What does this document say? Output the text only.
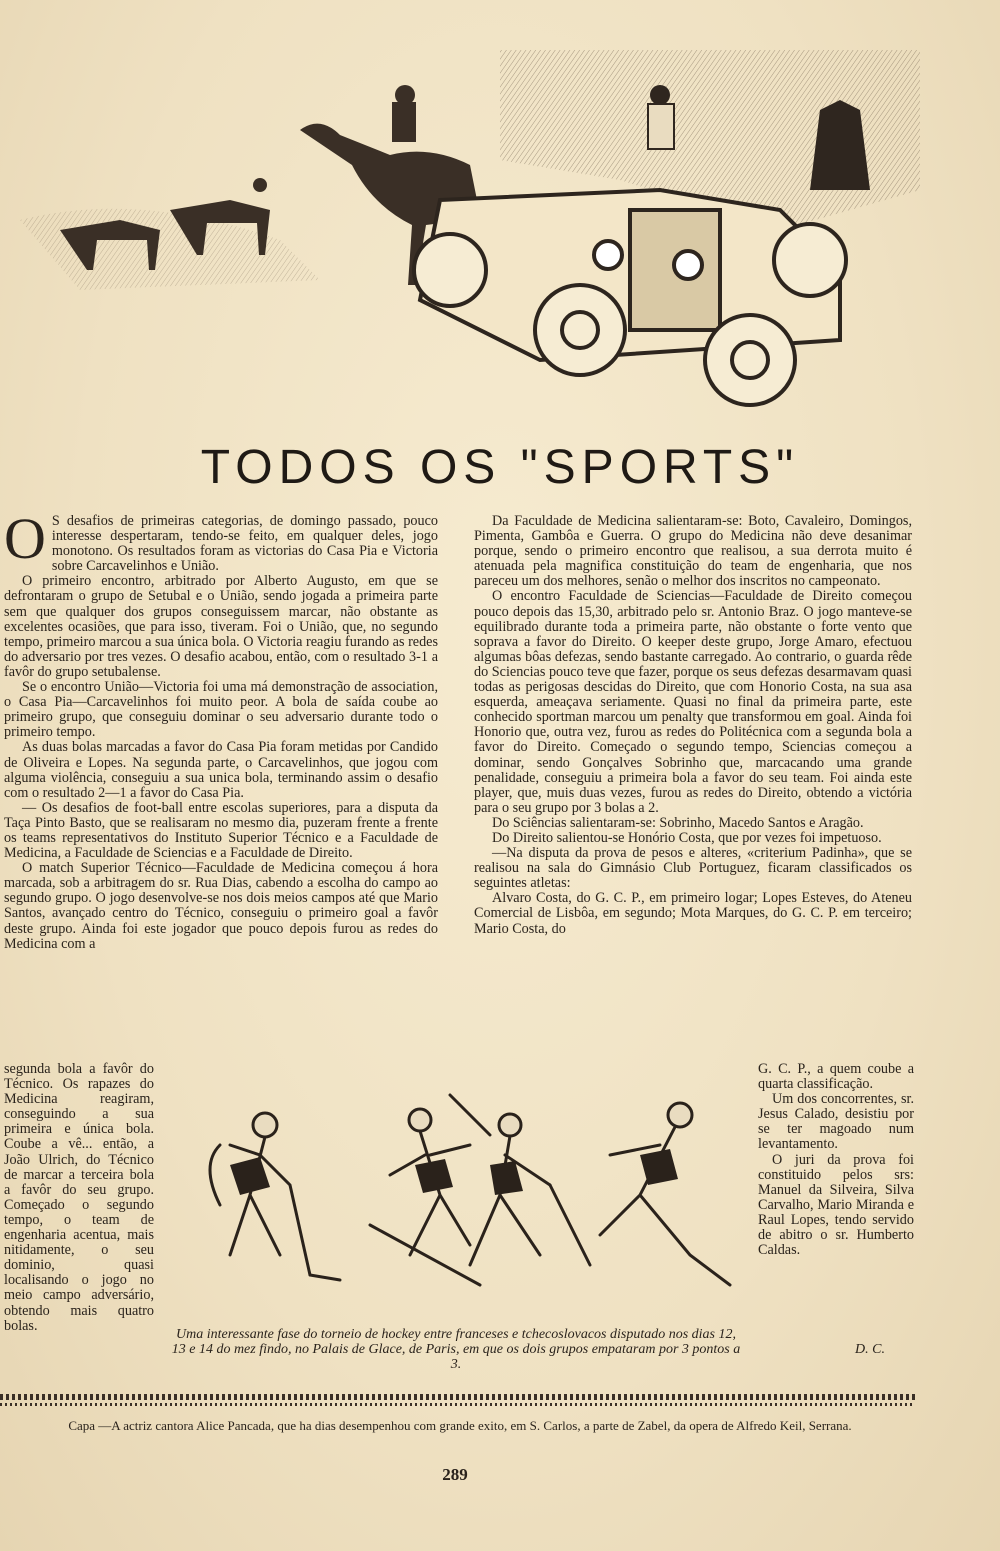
TODOS OS "SPORTS"

O S desafios de primeiras categorias, de domingo passado, pouco interesse despertaram, tendo-se feito, em qualquer deles, jogo monotono. Os resultados foram as victorias do Casa Pia e Victoria sobre Carcavelinhos e União.

O primeiro encontro, arbitrado por Alberto Augusto, em que se defrontaram o grupo de Setubal e o União, sendo jogada a primeira parte sem que qualquer dos grupos conseguissem marcar, não obstante as excelentes ocasiões, que para isso, tiveram. Foi o União, que, no segundo tempo, primeiro marcou a sua única bola. O Victoria reagiu furando as redes do adversario por tres vezes. O desafio acabou, então, com o resultado 3-1 a favôr do grupo setubalense.

Se o encontro União—Victoria foi uma má demonstração de association, o Casa Pia—Carcavelinhos foi muito peor. A bola de saída coube ao primeiro grupo, que conseguiu dominar o seu adversario durante todo o primeiro tempo.

As duas bolas marcadas a favor do Casa Pia foram metidas por Candido de Oliveira e Lopes. Na segunda parte, o Carcavelinhos, que jogou com alguma violência, conseguiu a sua unica bola, terminando assim o desafio com o resultado 2—1 a favor do Casa Pia.

— Os desafios de foot-ball entre escolas superiores, para a disputa da Taça Pinto Basto, que se realisaram no mesmo dia, puzeram frente a frente os teams representativos do Instituto Superior Técnico e a Faculdade de Medicina, a Faculdade de Sciencias e a Faculdade de Direito.

O match Superior Técnico—Faculdade de Medicina começou á hora marcada, sob a arbitragem do sr. Rua Dias, cabendo a escolha do campo ao segundo grupo. O jogo desenvolve-se nos dois meios campos até que Mario Santos, avançado centro do Técnico, conseguiu o primeiro goal a favôr deste grupo. Ainda foi este jogador que pouco depois furou as redes do Medicina com a

segunda bola a favôr do Técnico. Os rapazes do Medicina reagiram, conseguindo a sua primeira e única bola. Coube a vê... então, a João Ulrich, do Técnico de marcar a terceira bola a favôr do seu grupo. Começado o segundo tempo, o team de engenharia acentua, mais nitidamente, o seu dominio, quasi localisando o jogo no meio campo adversário, obtendo mais quatro bolas.

Da Faculdade de Medicina salientaram-se: Boto, Cavaleiro, Domingos, Pimenta, Gambôa e Guerra. O grupo do Medicina não deve desanimar porque, sendo o primeiro encontro que realisou, a sua derrota muito é atenuada pela magnifica constituição do team de engenharia, que nos pareceu um dos melhores, senão o melhor dos inscritos no campeonato.

O encontro Faculdade de Sciencias—Faculdade de Direito começou pouco depois das 15,30, arbitrado pelo sr. Antonio Braz. O jogo manteve-se equilibrado durante toda a primeira parte, não obstante o forte vento que soprava a favor do Direito. O keeper deste grupo, Jorge Amaro, efectuou algumas bôas defezas, sendo bastante carregado. Ao contrario, o guarda rêde do Sciencias pouco teve que fazer, porque os seus defezas desarmavam quasi todas as perigosas descidas do Direito, que com Honorio Costa, na sua asa esquerda, ameaçava seriamente. Quasi no final da primeira parte, este conhecido sportman marcou um penalty que transformou em goal. Ainda foi Honorio que, outra vez, furou as redes do Politécnica com a segunda bola a favor do Direito. Começado o segundo tempo, Sciencias começou a dominar, sendo Gonçalves Sobrinho que, marcacando uma grande penalidade, conseguiu a primeira bola a favor do seu team. Foi ainda este player, que, muis duas vezes, furou as redes do Direito, obtendo a victória para o seu grupo por 3 bolas a 2.

Do Sciências salientaram-se: Sobrinho, Macedo Santos e Aragão.

Do Direito salientou-se Honório Costa, que por vezes foi impetuoso.

—Na disputa da prova de pesos e alteres, «criterium Padinha», que se realisou na sala do Gimnásio Club Portuguez, ficaram classificados os seguintes atletas:

Alvaro Costa, do G. C. P., em primeiro logar; Lopes Esteves, do Ateneu Comercial de Lisbôa, em segundo; Mota Marques, do G. C. P. em terceiro; Mario Costa, do

G. C. P., a quem coube a quarta classificação.

Um dos concorrentes, sr. Jesus Calado, desistiu por se ter magoado num levantamento.

O juri da prova foi constituido pelos srs: Manuel da Silveira, Silva Carvalho, Mario Miranda e Raul Lopes, tendo servido de abitro o sr. Humberto Caldas.

Uma interessante fase do torneio de hockey entre franceses e tchecoslovacos disputado nos dias 12, 13 e 14 do mez findo, no Palais de Glace, de Paris, em que os dois grupos empataram por 3 pontos a 3.
D. C.
Capa —A actriz cantora Alice Pancada, que ha dias desempenhou com grande exito, em S. Carlos, a parte de Zabel, da opera de Alfredo Keil, Serrana.
289
